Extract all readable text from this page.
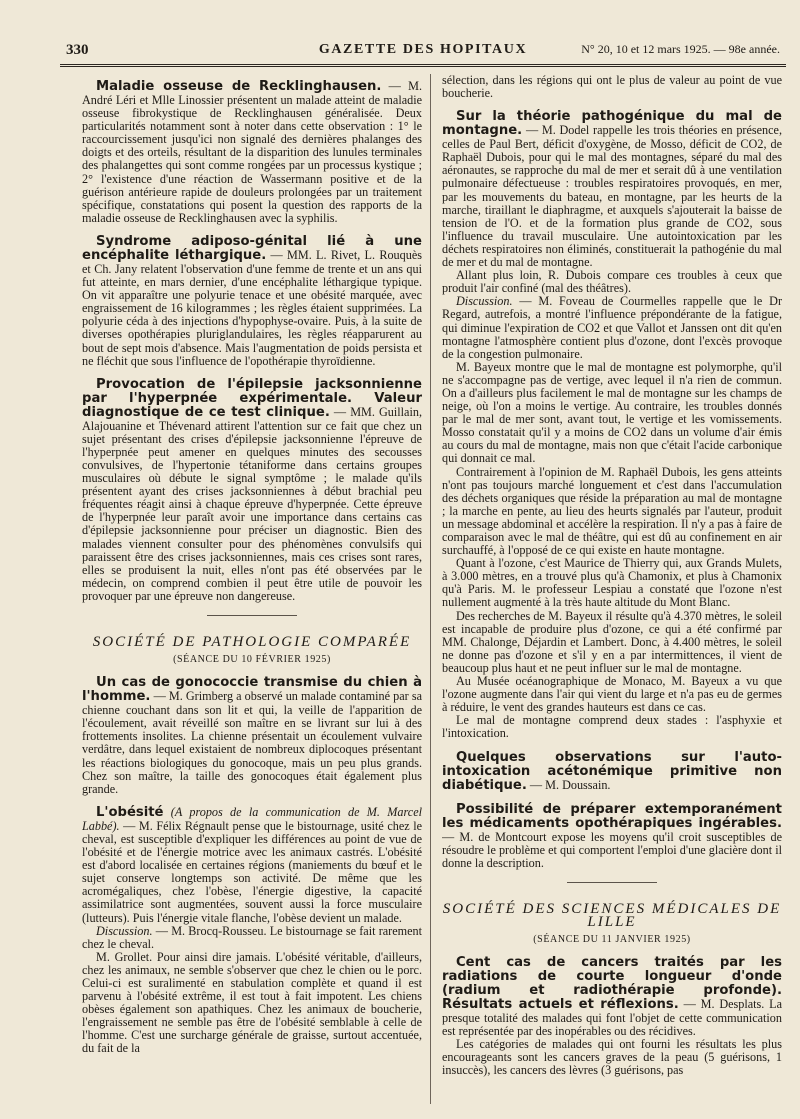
330	GAZETTE DES HOPITAUX	N° 20, 10 et 12 mars 1925. — 98e année.

Maladie osseuse de Recklinghausen. — M. André Léri et Mlle Linossier présentent un malade atteint de maladie osseuse fibrokystique de Recklinghausen généralisée. Deux particularités notamment sont à noter dans cette observation : 1° le raccourcissement jusqu'ici non signalé des dernières phalanges des doigts et des orteils, résultant de la disparition des lunules terminales des phalangettes qui sont comme rongées par un processus kystique ; 2° l'existence d'une réaction de Wassermann positive et de la guérison antérieure rapide de douleurs prolongées par un traitement spécifique, constatations qui posent la question des rapports de la maladie osseuse de Recklinghausen avec la syphilis.

Syndrome adiposo-génital lié à une encéphalite léthargique. — MM. L. Rivet, L. Rouquès et Ch. Jany relatent l'observation d'une femme de trente et un ans qui fut atteinte, en mars dernier, d'une encéphalite léthargique typique. On vit apparaître une polyurie tenace et une obésité marquée, avec engraissement de 16 kilogrammes ; les règles étaient supprimées. La polyurie céda à des injections d'hypophyse-ovaire. Puis, à la suite de diverses opothérapies pluriglandulaires, les règles réapparurent au bout de sept mois d'absence. Mais l'augmentation de poids persista et ne fléchit que sous l'influence de l'opothérapie thyroïdienne.

Provocation de l'épilepsie jacksonnienne par l'hyperpnée expérimentale. Valeur diagnostique de ce test clinique. — MM. Guillain, Alajouanine et Thévenard attirent l'attention sur ce fait que chez un sujet présentant des crises d'épilepsie jacksonnienne l'épreuve de l'hyperpnée peut amener en quelques minutes des secousses convulsives, de l'hypertonie tétaniforme dans certains groupes musculaires où débute le signal symptôme ; le malade qu'ils présentent ayant des crises jacksonniennes à début brachial peu fréquentes réagit ainsi à chaque épreuve d'hyperpnée. Cette épreuve de l'hyperpnée leur paraît avoir une importance dans certains cas d'épilepsie jacksonnienne pour préciser un diagnostic. Bien des malades viennent consulter pour des phénomènes convulsifs qui paraissent être des crises jacksonniennes, mais ces crises sont rares, elles se produisent la nuit, elles n'ont pas été observées par le médecin, on comprend combien il peut être utile de pouvoir les provoquer par une épreuve non dangereuse.

SOCIÉTÉ DE PATHOLOGIE COMPARÉE
(SÉANCE DU 10 FÉVRIER 1925)

Un cas de gonococcie transmise du chien à l'homme. — M. Grimberg a observé un malade contaminé par sa chienne couchant dans son lit et qui, la veille de l'apparition de l'écoulement, avait réveillé son maître en se livrant sur lui à des frottements insolites. La chienne présentait un écoulement vulvaire verdâtre, dans lequel existaient de nombreux diplocoques présentant les réactions biologiques du gonocoque, mais un peu plus grands. Chez son maître, la taille des gonocoques était également plus grande.

L'obésité (A propos de la communication de M. Marcel Labbé). — M. Félix Régnault pense que le bistournage, usité chez le cheval, est susceptible d'expliquer les différences au point de vue de l'obésité et de l'énergie motrice avec les animaux castrés. L'obésité est d'abord localisée en certaines régions (maniements du bœuf et le sujet conserve longtemps son activité. De même que les acromégaliques, chez l'obèse, l'énergie digestive, la capacité assimilatrice sont augmentées, souvent aussi la force musculaire (lutteurs). Puis l'énergie vitale flanche, l'obèse devient un malade.

Discussion. — M. Brocq-Rousseu. Le bistournage se fait rarement chez le cheval.

M. Grollet. Pour ainsi dire jamais. L'obésité véritable, d'ailleurs, chez les animaux, ne semble s'observer que chez le chien ou le porc. Celui-ci est suralimenté en stabulation complète et quand il est parvenu à l'obésité extrême, il est tout à fait impotent. Les chiens obèses également son apathiques. Chez les animaux de boucherie, l'engraissement ne semble pas être de l'obésité semblable à celle de l'homme. C'est une surcharge générale de graisse, surtout accentuée, du fait de la

sélection, dans les régions qui ont le plus de valeur au point de vue boucherie.

Sur la théorie pathogénique du mal de montagne. — M. Dodel rappelle les trois théories en présence, celles de Paul Bert, déficit d'oxygène, de Mosso, déficit de CO2, de Raphaël Dubois, pour qui le mal des montagnes, séparé du mal des aéronautes, se rapproche du mal de mer et serait dû à une ventilation pulmonaire défectueuse : troubles respiratoires provoqués, en mer, par les mouvements du bateau, en montagne, par les heurts de la marche, tiraillant le diaphragme, et auxquels s'ajouterait la baisse de tension de l'O. et de la formation plus grande de CO2, sous l'influence du travail musculaire. Une autointoxication par les déchets respiratoires non éliminés, constituerait la pathogénie du mal de mer et du mal de montagne.

Allant plus loin, R. Dubois compare ces troubles à ceux que produit l'air confiné (mal des théâtres).

Discussion. — M. Foveau de Courmelles rappelle que le Dr Regard, autrefois, a montré l'influence prépondérante de la fatigue, qui diminue l'expiration de CO2 et que Vallot et Janssen ont dit qu'en montagne l'atmosphère contient plus d'ozone, dont l'excès provoque de la congestion pulmonaire.

M. Bayeux montre que le mal de montagne est polymorphe, qu'il ne s'accompagne pas de vertige, avec lequel il n'a rien de commun. On a d'ailleurs plus facilement le mal de montagne sur les champs de neige, où l'on a moins le vertige. Au contraire, les troubles donnés par le mal de mer sont, avant tout, le vertige et les vomissements. Mosso constatait qu'il y a moins de CO2 dans un volume d'air émis au cours du mal de montagne, mais non que c'était l'acide carbonique qui donnait ce mal.

Contrairement à l'opinion de M. Raphaël Dubois, les gens atteints n'ont pas toujours marché longuement et c'est dans l'accumulation des déchets organiques que réside la préparation au mal de montagne ; la marche en pente, au lieu des heurts signalés par l'auteur, produit un message abdominal et accélère la respiration. Il n'y a pas à faire de comparaison avec le mal de théâtre, qui est dû au confinement en air surchauffé, à l'opposé de ce qui existe en haute montagne.

Quant à l'ozone, c'est Maurice de Thierry qui, aux Grands Mulets, à 3.000 mètres, en a trouvé plus qu'à Chamonix, et plus à Chamonix qu'à Paris. M. le professeur Lespiau a constaté que l'ozone n'est nullement augmenté à la très haute altitude du Mont Blanc.

Des recherches de M. Bayeux il résulte qu'à 4.370 mètres, le soleil est incapable de produire plus d'ozone, ce qui a été confirmé par MM. Chalonge, Déjardin et Lambert. Donc, à 4.400 mètres, le soleil ne donne pas d'ozone et s'il y en a par intermittences, il vient de beaucoup plus haut et ne peut influer sur le mal de montagne.

Au Musée océanographique de Monaco, M. Bayeux a vu que l'ozone augmente dans l'air qui vient du large et n'a pas eu de germes à réduire, le vent des grandes hauteurs est dans ce cas.

Le mal de montagne comprend deux stades : l'asphyxie et l'intoxication.

Quelques observations sur l'auto-intoxication acétonémique primitive non diabétique. — M. Doussain.

Possibilité de préparer extemporanément les médicaments opothérapiques ingérables. — M. de Montcourt expose les moyens qu'il croit susceptibles de résoudre le problème et qui comportent l'emploi d'une glacière dont il donne la description.

SOCIÉTÉ DES SCIENCES MÉDICALES DE LILLE
(SÉANCE DU 11 JANVIER 1925)

Cent cas de cancers traités par les radiations de courte longueur d'onde (radium et radiothérapie profonde). Résultats actuels et réflexions. — M. Desplats. La presque totalité des malades qui font l'objet de cette communication est représentée par des inopérables ou des récidives.

Les catégories de malades qui ont fourni les résultats les plus encourageants sont les cancers graves de la peau (5 guérisons, 1 insuccès), les cancers des lèvres (3 guérisons, pas
